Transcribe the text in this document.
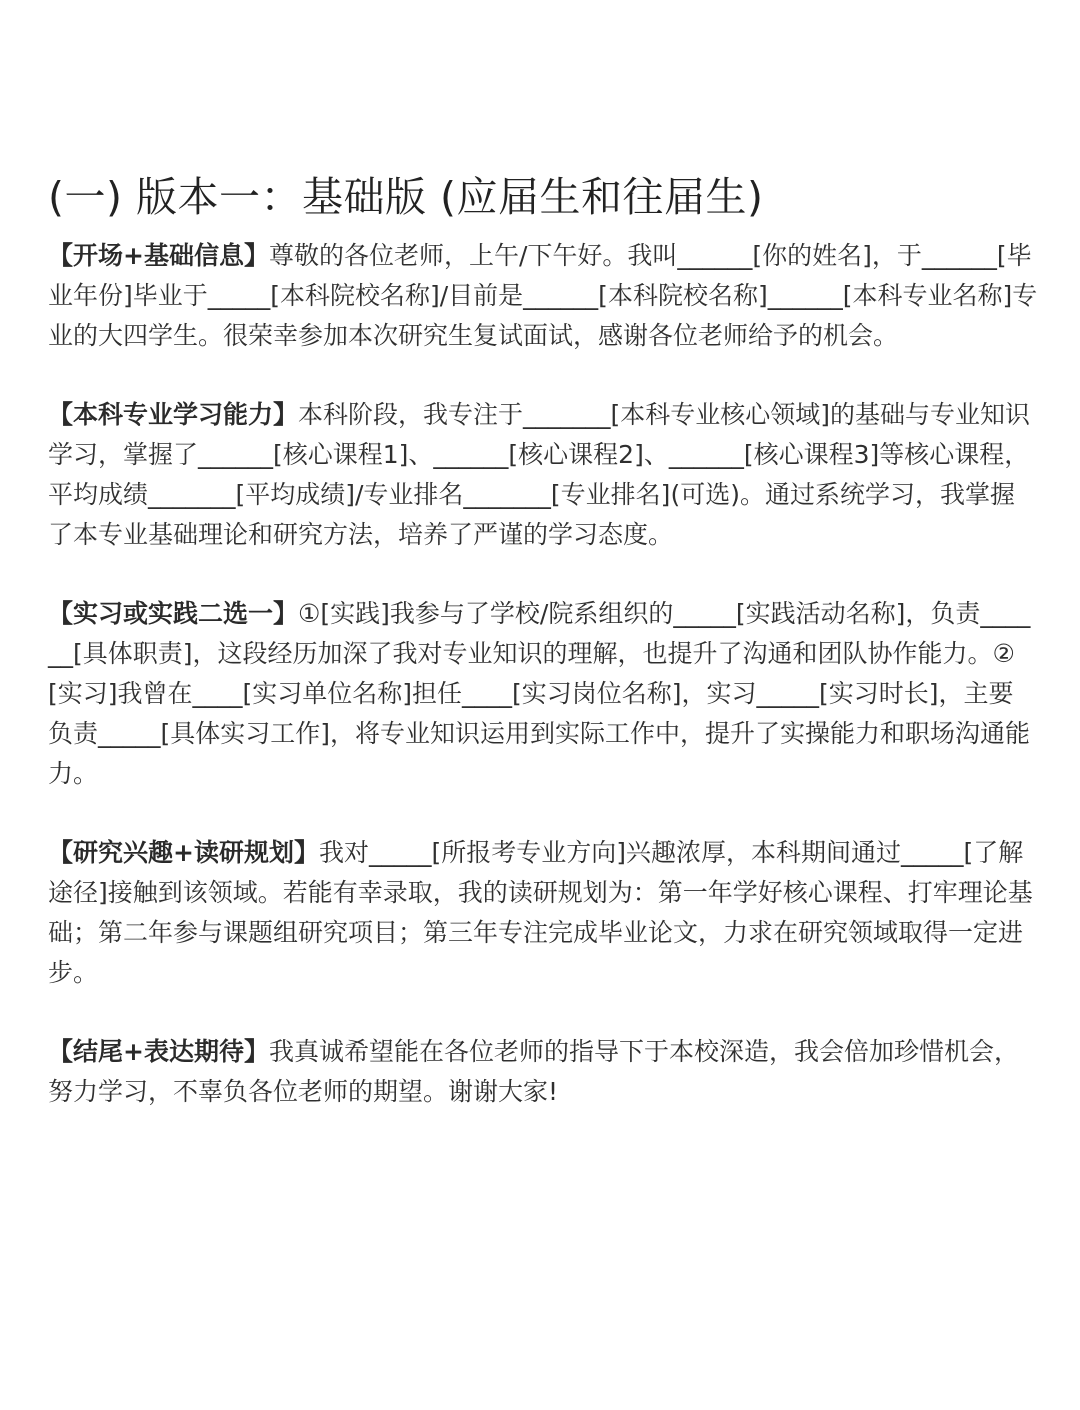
(一) 版本一：基础版 (应届生和往届生)

【开场+基础信息】尊敬的各位老师，上午/下午好。我叫______[你的姓名]，于______[毕业年份]毕业于_____[本科院校名称]/目前是______[本科院校名称]______[本科专业名称]专业的大四学生。很荣幸参加本次研究生复试面试，感谢各位老师给予的机会。

【本科专业学习能力】本科阶段，我专注于_______[本科专业核心领域]的基础与专业知识学习，掌握了______[核心课程1]、______[核心课程2]、______[核心课程3]等核心课程，平均成绩_______[平均成绩]/专业排名_______[专业排名](可选)。通过系统学习，我掌握了本专业基础理论和研究方法，培养了严谨的学习态度。

【实习或实践二选一】①[实践]我参与了学校/院系组织的_____[实践活动名称]，负责______[具体职责]，这段经历加深了我对专业知识的理解，也提升了沟通和团队协作能力。②[实习]我曾在____[实习单位名称]担任____[实习岗位名称]，实习_____[实习时长]，主要负责_____[具体实习工作]，将专业知识运用到实际工作中，提升了实操能力和职场沟通能力。

【研究兴趣+读研规划】我对_____[所报考专业方向]兴趣浓厚，本科期间通过_____[了解途径]接触到该领域。若能有幸录取，我的读研规划为：第一年学好核心课程、打牢理论基础；第二年参与课题组研究项目；第三年专注完成毕业论文，力求在研究领域取得一定进步。

【结尾+表达期待】我真诚希望能在各位老师的指导下于本校深造，我会倍加珍惜机会，努力学习，不辜负各位老师的期望。谢谢大家!
